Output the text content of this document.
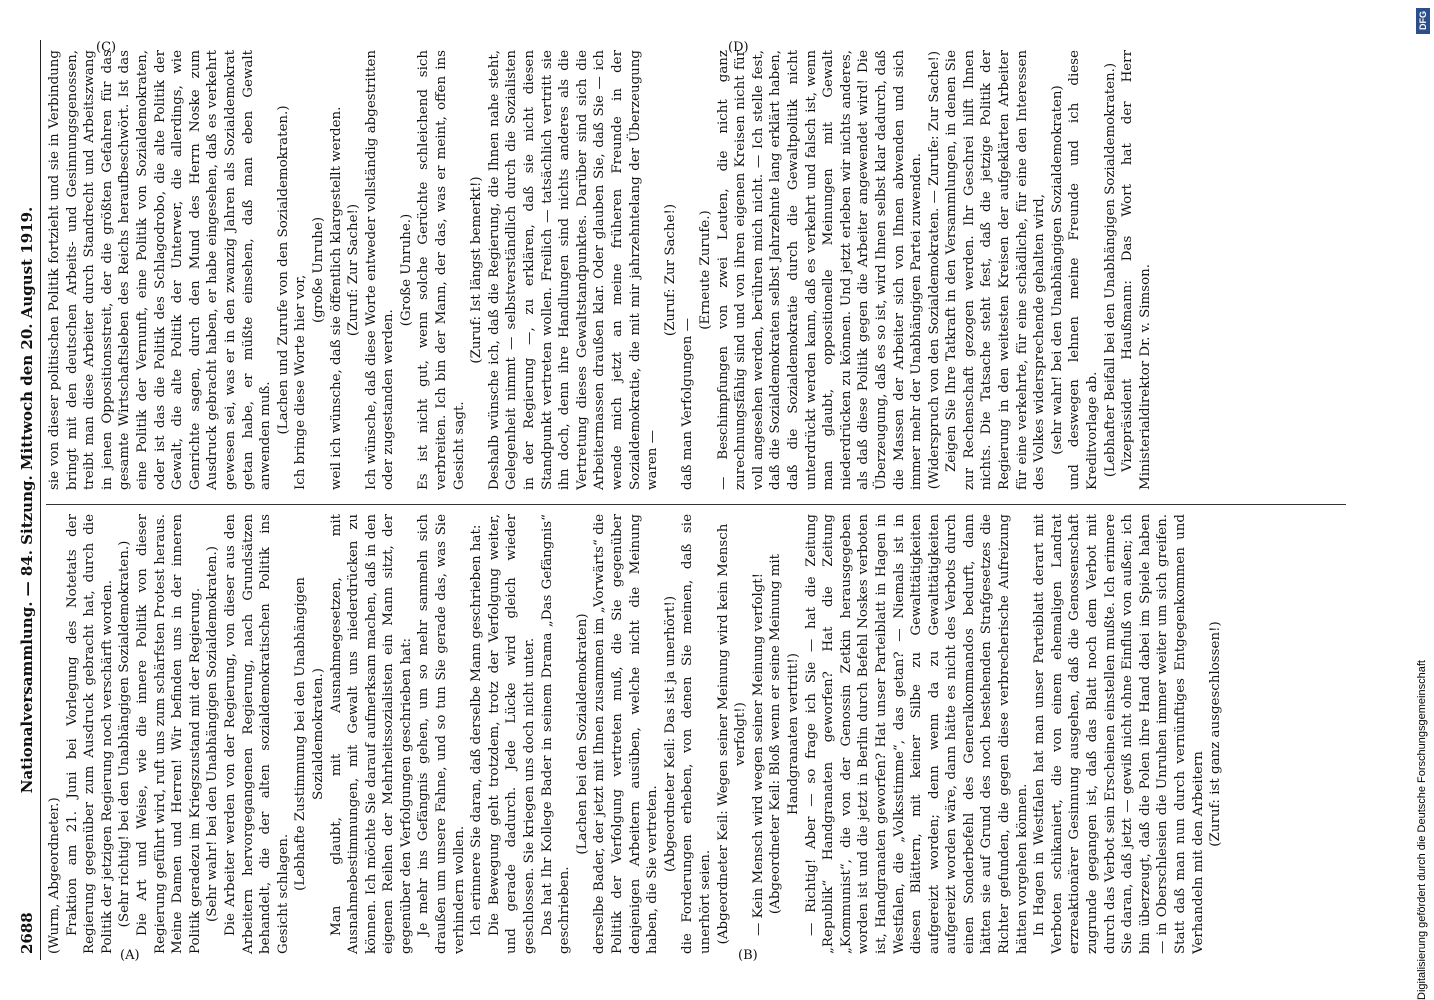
2688
Nationalversammlung. — 84. Sitzung. Mittwoch den 20. August 1919.

(Wurm, Abgeordneter.) Fraktion am 21. Juni bei Vorlegung des Notetats der Regierung gegenüber zum Ausdruck gebracht hat, durch die Politik der jetzigen Regierung noch verschärft worden. (Sehr richtig! bei den Unabhängigen Sozialdemokraten.) Die Art und Weise, wie die innere Politik von dieser Regierung geführt wird, ruft uns zum schärfsten Protest heraus. Meine Damen und Herren! Wir befinden uns in der inneren Politik geradezu im Kriegszustand mit der Regierung. (Sehr wahr! bei den Unabhängigen Sozialdemokraten.) Die Arbeiter werden von der Regierung, von dieser aus den Arbeitern hervorgegangenen Regierung, nach Grundsätzen behandelt, die der alten sozialdemokratischen Politik ins Gesicht schlagen.

(Lebhafte Zustimmung bei den Unabhängigen Sozialdemokraten.) Man glaubt, mit Ausnahmegesetzen, mit Ausnahmebestimmungen, mit Gewalt uns niederdrücken zu können. Ich möchte Sie darauf aufmerksam machen, daß in den eigenen Reihen der Mehrheitssozialisten ein Mann sitzt, der gegenüber den Verfolgungen geschrieben hat: Je mehr ins Gefängnis gehen, um so mehr sammeln sich draußen um unsere Fahne, und so tun Sie gerade das, was Sie verhindern wollen. Ich erinnere Sie daran, daß derselbe Mann geschrieben hat: Die Bewegung geht trotzdem, trotz der Verfolgung weiter, und gerade dadurch. Jede Lücke wird gleich wieder geschlossen. Sie kriegen uns doch nicht unter. Das hat Ihr Kollege Bader in seinem Drama „Das Gefängnis“ geschrieben.

(Lachen bei den Sozialdemokraten) derselbe Bader, der jetzt mit Ihnen zusammen im „Vorwärts“ die Politik der Verfolgung vertreten muß, die Sie gegenüber denjenigen Arbeitern ausüben, welche nicht die Meinung haben, die Sie vertreten. (Abgeordneter Keil: Das ist ja unerhört!) die Forderungen erheben, von denen Sie meinen, daß sie unerhört seien. (Abgeordneter Keil: Wegen seiner Meinung wird kein Mensch verfolgt!) — Kein Mensch wird wegen seiner Meinung verfolgt! (Abgeordneter Keil: Bloß wenn er seine Meinung mit Handgranaten vertritt!) — Richtig! Aber — so frage ich Sie — hat die Zeitung „Republik“ Handgranaten geworfen? Hat die Zeitung „Kommunist“, die von der Genossin Zetkin herausgegeben worden ist und die jetzt in Berlin durch Befehl Noskes verboten ist, Handgranaten geworfen? Hat unser Parteiblatt in Hagen in Westfalen, die „Volksstimme“, das getan? — Niemals ist in diesen Blättern, mit keiner Silbe zu Gewalttätigkeiten aufgereizt worden; denn wenn da zu Gewalttätigkeiten aufgereizt worden wäre, dann hätte es nicht des Verbots durch einen Sonderbefehl des Generalkommandos bedurft, dann hätten sie auf Grund des noch bestehenden Strafgesetzes die Richter gefunden, die gegen diese verbrecherische Aufreizung hätten vorgehen können. In Hagen in Westfalen hat man unser Parteiblatt derart mit Verboten schikaniert, die von einem ehemaligen Landrat erzreaktionärer Gesinnung ausgehen, daß die Genossenschaft zugrunde gegangen ist, daß das Blatt noch dem Verbot mit durch das Verbot sein Erscheinen einstellen mußte. Ich erinnere Sie daran, daß jetzt — gewiß nicht ohne Einfluß von außen; ich bin überzeugt, daß die Polen ihre Hand dabei im Spiele haben — in Oberschlesien die Unruhen immer weiter um sich greifen. Statt daß man nun durch vernünftiges Entgegenkommen und Verhandeln mit den Arbeitern

(Zuruf: ist ganz ausgeschlossen!)

sie von dieser politischen Politik fortzieht und sie in Verbindung bringt mit den deutschen Arbeits- und Gesinnungsgenossen, treibt man diese Arbeiter durch Standrecht und Arbeitszwang in jenen Oppositionsstreit, der die größten Gefahren für das gesamte Wirtschaftsleben des Reichs heraufbeschwört. Ist das eine Politik der Vernunft, eine Politik von Sozialdemokraten, oder ist das die Politik des Schlagodrobo, die alte Politik der Gewalt, die alte Politik der Unterwer, die allerdings, wie Genrichte sagen, durch den Mund des Herrn Noske zum Ausdruck gebracht haben, er habe eingesehen, daß es verkehrt gewesen sei, was er in den zwanzig Jahren als Sozialdemokrat getan habe, er müßte einsehen, daß man eben Gewalt anwenden muß.

(Lachen und Zurufe von den Sozialdemokraten.) Ich bringe diese Worte hier vor,

(große Unruhe) weil ich wünsche, daß sie öffentlich klargestellt werden. (Zuruf: Zur Sache!) Ich wünsche, daß diese Worte entweder vollständig abgestritten oder zugestanden werden.

(Große Unruhe.) Es ist nicht gut, wenn solche Gerüchte schleichend sich verbreiten. Ich bin der Mann, der das, was er meint, offen ins Gesicht sagt.

(Zuruf: Ist längst bemerkt!) Deshalb wünsche ich, daß die Regierung, die Ihnen nahe steht, Gelegenheit nimmt — selbstverständlich durch die Sozialisten in der Regierung —, zu erklären, daß sie nicht diesen Standpunkt vertreten wollen. Freilich — tatsächlich vertritt sie ihn doch, denn ihre Handlungen sind nichts anderes als die Vertretung dieses Gewaltstandpunktes. Darüber sind sich die Arbeitermassen draußen klar. Oder glauben Sie, daß Sie — ich wende mich jetzt an meine früheren Freunde in der Sozialdemokratie, die mit mir jahrzehntelang der Überzeugung waren —

(Zuruf: Zur Sache!)

daß man Verfolgungen —

(Erneute Zurufe.) — Beschimpfungen von zwei Leuten, die nicht ganz zurechnungsfähig sind und von ihren eigenen Kreisen nicht für voll angesehen werden, berühren mich nicht. — Ich stelle fest, daß die Sozialdemokraten selbst Jahrzehnte lang erklärt haben, daß die Sozialdemokratie durch die Gewaltpolitik nicht unterdrückt werden kann, daß es verkehrt und falsch ist, wenn man glaubt, oppositionelle Meinungen mit Gewalt niederdrücken zu können. Und jetzt erleben wir nichts anderes, als daß diese Politik gegen die Arbeiter angewendet wird! Die Überzeugung, daß es so ist, wird Ihnen selbst klar dadurch, daß die Massen der Arbeiter sich von Ihnen abwenden und sich immer mehr der Unabhängigen Partei zuwenden. (Widerspruch von den Sozialdemokraten. — Zurufe: Zur Sache!) Zeigen Sie Ihre Tatkraft in den Versammlungen, in denen Sie zur Rechenschaft gezogen werden. Ihr Geschrei hilft Ihnen nichts. Die Tatsache steht fest, daß die jetzige Politik der Regierung in den weitesten Kreisen der aufgeklärten Arbeiter für eine verkehrte, für eine schädliche, für eine den Interessen des Volkes widersprechende gehalten wird, (sehr wahr! bei den Unabhängigen Sozialdemokraten) und deswegen lehnen meine Freunde und ich diese Kreditvorlage ab. (Lebhafter Beifall bei den Unabhängigen Sozialdemokraten.) Vizepräsident Haußmann: Das Wort hat der Herr Ministerialdirektor Dr. v. Simson.

(A)	(B)
(C)	(D)
DFG
Digitalisierung gefördert durch die Deutsche Forschungsgemeinschaft
